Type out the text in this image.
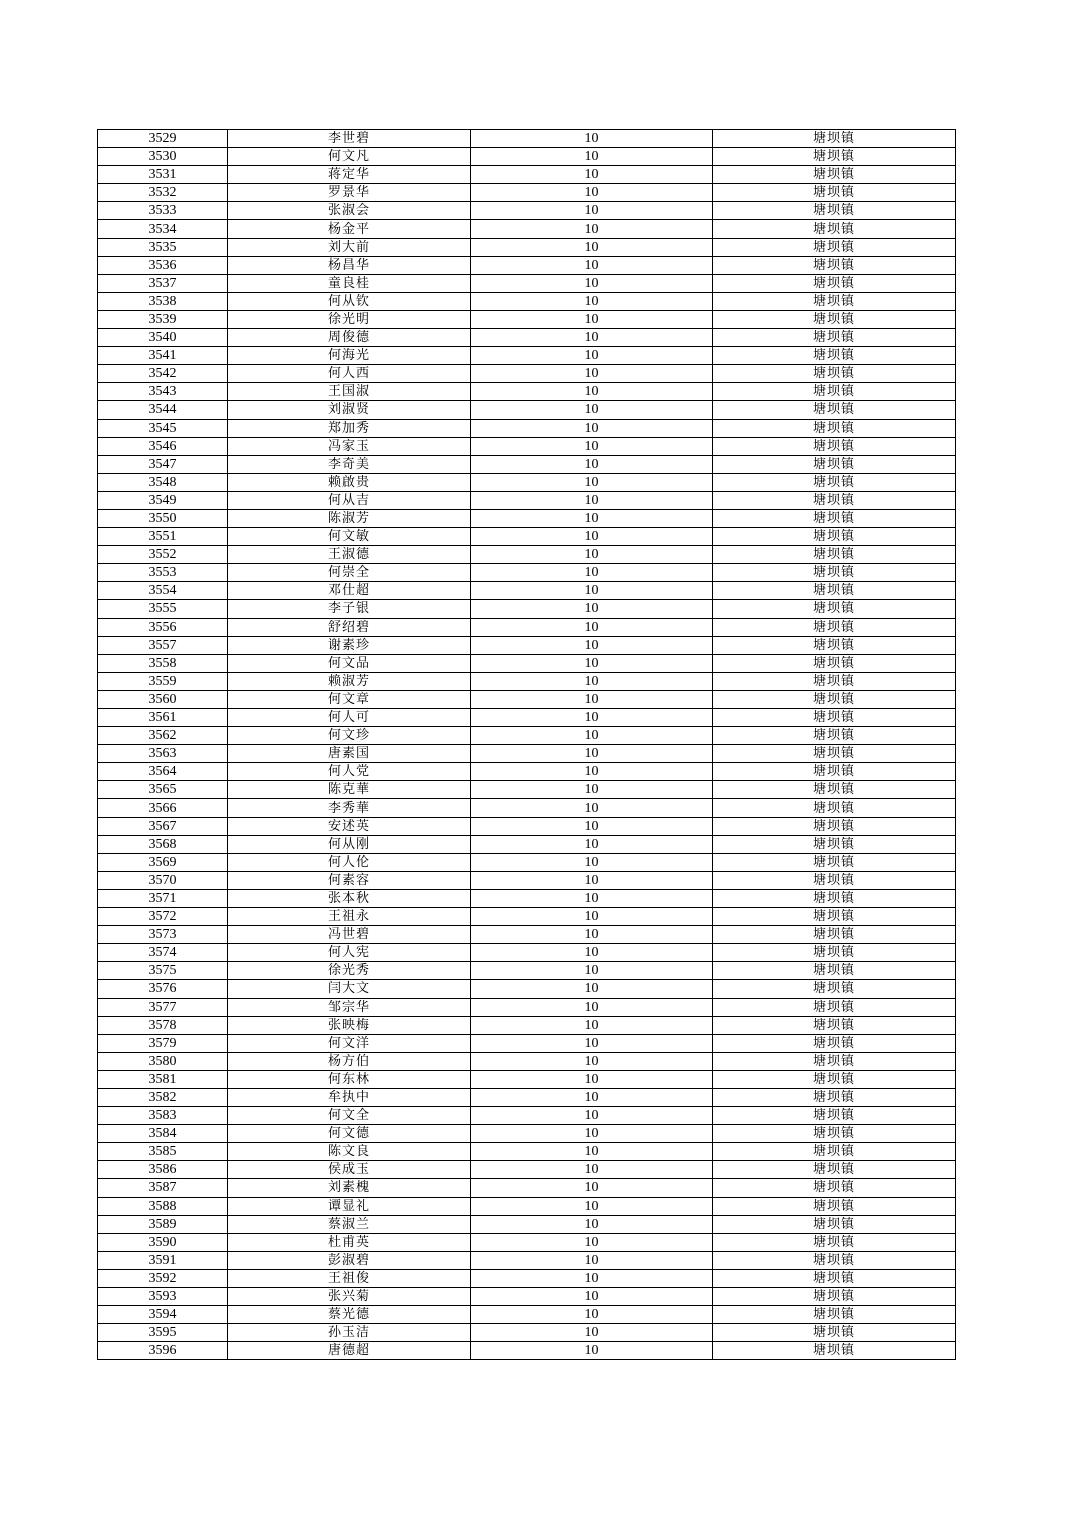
3529	李世碧	10	塘坝镇
3530	何文凡	10	塘坝镇
3531	蒋定华	10	塘坝镇
3532	罗景华	10	塘坝镇
3533	张淑会	10	塘坝镇
3534	杨金平	10	塘坝镇
3535	刘大前	10	塘坝镇
3536	杨昌华	10	塘坝镇
3537	童良桂	10	塘坝镇
3538	何从钦	10	塘坝镇
3539	徐光明	10	塘坝镇
3540	周俊德	10	塘坝镇
3541	何海光	10	塘坝镇
3542	何人西	10	塘坝镇
3543	王国淑	10	塘坝镇
3544	刘淑贤	10	塘坝镇
3545	郑加秀	10	塘坝镇
3546	冯家玉	10	塘坝镇
3547	李奇美	10	塘坝镇
3548	赖啟贵	10	塘坝镇
3549	何从吉	10	塘坝镇
3550	陈淑芳	10	塘坝镇
3551	何文敏	10	塘坝镇
3552	王淑德	10	塘坝镇
3553	何崇全	10	塘坝镇
3554	邓仕超	10	塘坝镇
3555	李子银	10	塘坝镇
3556	舒绍碧	10	塘坝镇
3557	谢素珍	10	塘坝镇
3558	何文品	10	塘坝镇
3559	赖淑芳	10	塘坝镇
3560	何文章	10	塘坝镇
3561	何人可	10	塘坝镇
3562	何文珍	10	塘坝镇
3563	唐素国	10	塘坝镇
3564	何人党	10	塘坝镇
3565	陈克華	10	塘坝镇
3566	李秀華	10	塘坝镇
3567	安述英	10	塘坝镇
3568	何从刚	10	塘坝镇
3569	何人伦	10	塘坝镇
3570	何素容	10	塘坝镇
3571	张本秋	10	塘坝镇
3572	王祖永	10	塘坝镇
3573	冯世碧	10	塘坝镇
3574	何人宪	10	塘坝镇
3575	徐光秀	10	塘坝镇
3576	闫大文	10	塘坝镇
3577	邹宗华	10	塘坝镇
3578	张映梅	10	塘坝镇
3579	何文洋	10	塘坝镇
3580	杨方伯	10	塘坝镇
3581	何东林	10	塘坝镇
3582	牟执中	10	塘坝镇
3583	何文全	10	塘坝镇
3584	何文德	10	塘坝镇
3585	陈文良	10	塘坝镇
3586	侯成玉	10	塘坝镇
3587	刘素槐	10	塘坝镇
3588	谭显礼	10	塘坝镇
3589	蔡淑兰	10	塘坝镇
3590	杜甫英	10	塘坝镇
3591	彭淑碧	10	塘坝镇
3592	王祖俊	10	塘坝镇
3593	张兴菊	10	塘坝镇
3594	蔡光德	10	塘坝镇
3595	孙玉洁	10	塘坝镇
3596	唐德超	10	塘坝镇
